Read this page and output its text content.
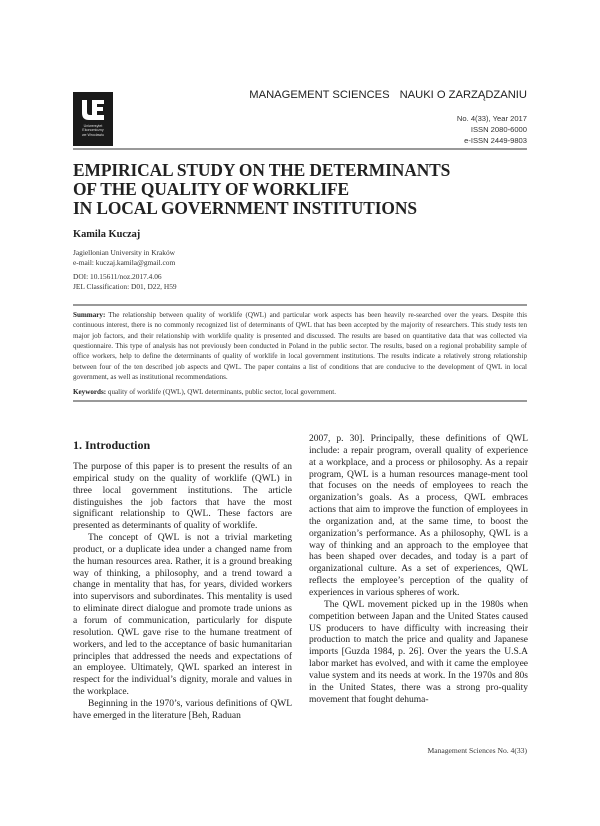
Uniwersytet
Ekonomiczny
we Wrocławiu
MANAGEMENT SCIENCES NAUKI O ZARZĄDZANIU
No. 4(33), Year 2017
ISSN 2080-6000
e-ISSN 2449-9803
EMPIRICAL STUDY ON THE DETERMINANTS
OF THE QUALITY OF WORKLIFE
IN LOCAL GOVERNMENT INSTITUTIONS
Kamila Kuczaj
Jagiellonian University in Kraków
e-mail: kuczaj.kamila@gmail.com
DOI: 10.15611/noz.2017.4.06
JEL Classification: D01, D22, H59
Summary: The relationship between quality of worklife (QWL) and particular work aspects has been heavily re-searched over the years. Despite this continuous interest, there is no commonly recognized list of determinants of QWL that has been accepted by the majority of researchers. This study tests ten major job factors, and their relationship with worklife quality is presented and discussed. The results are based on quantitative data that was collected via questionnaire. This type of analysis has not previously been conducted in Poland in the public sector. The results, based on a regional probability sample of office workers, help to define the determinants of quality of worklife in local government institutions. The results indicate a relatively strong relationship between four of the ten described job aspects and QWL. The paper contains a list of conditions that are conducive to the development of QWL in local government, as well as institutional recommendations.
Keywords: quality of worklife (QWL), QWL determinants, public sector, local government.
1. Introduction

The purpose of this paper is to present the results of an empirical study on the quality of worklife (QWL) in three local government institutions. The article distinguishes the job factors that have the most significant relationship to QWL. These factors are presented as determinants of quality of worklife.

The concept of QWL is not a trivial marketing product, or a duplicate idea under a changed name from the human resources area. Rather, it is a ground breaking way of thinking, a philosophy, and a trend toward a change in mentality that has, for years, divided workers into supervisors and subordinates. This mentality is used to eliminate direct dialogue and promote trade unions as a forum of communication, particularly for dispute resolution. QWL gave rise to the humane treatment of workers, and led to the acceptance of basic humanitarian principles that addressed the needs and expectations of an employee. Ultimately, QWL sparked an interest in respect for the individual’s dignity, morale and values in the workplace.

Beginning in the 1970’s, various definitions of QWL have emerged in the literature [Beh, Raduan

2007, p. 30]. Principally, these definitions of QWL include: a repair program, overall quality of experience at a workplace, and a process or philosophy. As a repair program, QWL is a human resources manage-ment tool that focuses on the needs of employees to reach the organization’s goals. As a process, QWL embraces actions that aim to improve the function of employees in the organization and, at the same time, to boost the organization’s performance. As a philosophy, QWL is a way of thinking and an approach to the employee that has been shaped over decades, and today is a part of organizational culture. As a set of experiences, QWL reflects the employee’s perception of the quality of experiences in various spheres of work.

The QWL movement picked up in the 1980s when competition between Japan and the United States caused US producers to have difficulty with increasing their production to match the price and quality and Japanese imports [Guzda 1984, p. 26]. Over the years the U.S.A labor market has evolved, and with it came the employee value system and its needs at work. In the 1970s and 80s in the United States, there was a strong pro-quality movement that fought dehuma-

Management Sciences No. 4(33)
